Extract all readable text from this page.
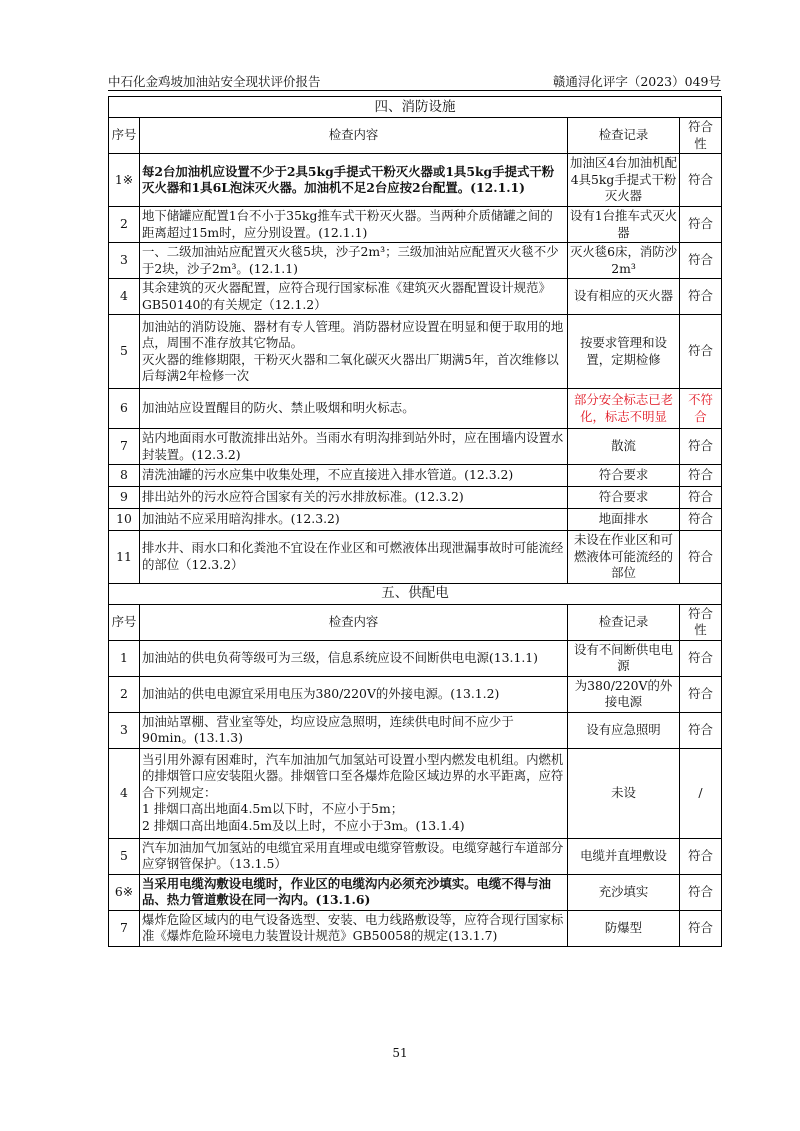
中石化金鸡坡加油站安全现状评价报告	赣通浔化评字（2023）049号
四、消防设施			
序号	检查内容	检查记录	符合性
1※	每2台加油机应设置不少于2具5kg手提式干粉灭火器或1具5kg手提式干粉灭火器和1具6L泡沫灭火器。加油机不足2台应按2台配置。(12.1.1)	加油区4台加油机配4具5kg手提式干粉灭火器	符合
2	地下储罐应配置1台不小于35kg推车式干粉灭火器。当两种介质储罐之间的距离超过15m时，应分别设置。(12.1.1)	设有1台推车式灭火器	符合
3	一、二级加油站应配置灭火毯5块，沙子2m³；三级加油站应配置灭火毯不少于2块，沙子2m³。(12.1.1)	灭火毯6床，消防沙2m³	符合
4	其余建筑的灭火器配置，应符合现行国家标准《建筑灭火器配置设计规范》GB50140的有关规定（12.1.2）	设有相应的灭火器	符合
5	加油站的消防设施、器材有专人管理。消防器材应设置在明显和便于取用的地点，周围不准存放其它物品。
灭火器的维修期限，干粉灭火器和二氧化碳灭火器出厂期满5年，首次维修以后每满2年检修一次	按要求管理和设置，定期检修	符合
6	加油站应设置醒目的防火、禁止吸烟和明火标志。	部分安全标志已老化，标志不明显	不符合
7	站内地面雨水可散流排出站外。当雨水有明沟排到站外时，应在围墙内设置水封装置。(12.3.2)	散流	符合
8	清洗油罐的污水应集中收集处理，不应直接进入排水管道。(12.3.2)	符合要求	符合
9	排出站外的污水应符合国家有关的污水排放标准。(12.3.2)	符合要求	符合
10	加油站不应采用暗沟排水。(12.3.2)	地面排水	符合
11	排水井、雨水口和化粪池不宜设在作业区和可燃液体出现泄漏事故时可能流经的部位（12.3.2）	未设在作业区和可燃液体可能流经的部位	符合
五、供配电			
序号	检查内容	检查记录	符合性
1	加油站的供电负荷等级可为三级，信息系统应设不间断供电电源(13.1.1)	设有不间断供电电源	符合
2	加油站的供电电源宜采用电压为380/220V的外接电源。(13.1.2)	为380/220V的外接电源	符合
3	加油站罩棚、营业室等处，均应设应急照明，连续供电时间不应少于90min。(13.1.3)	设有应急照明	符合
4	当引用外源有困难时，汽车加油加气加氢站可设置小型内燃发电机组。内燃机的排烟管口应安装阻火器。排烟管口至各爆炸危险区域边界的水平距离，应符合下列规定：
1 排烟口高出地面4.5m以下时，不应小于5m；
2 排烟口高出地面4.5m及以上时，不应小于3m。(13.1.4)	未设	/
5	汽车加油加气加氢站的电缆宜采用直埋或电缆穿管敷设。电缆穿越行车道部分应穿钢管保护。（13.1.5）	电缆并直埋敷设	符合
6※	当采用电缆沟敷设电缆时，作业区的电缆沟内必须充沙填实。电缆不得与油品、热力管道敷设在同一沟内。(13.1.6)	充沙填实	符合
7	爆炸危险区域内的电气设备选型、安装、电力线路敷设等，应符合现行国家标准《爆炸危险环境电力装置设计规范》GB50058的规定(13.1.7)	防爆型	符合
51
